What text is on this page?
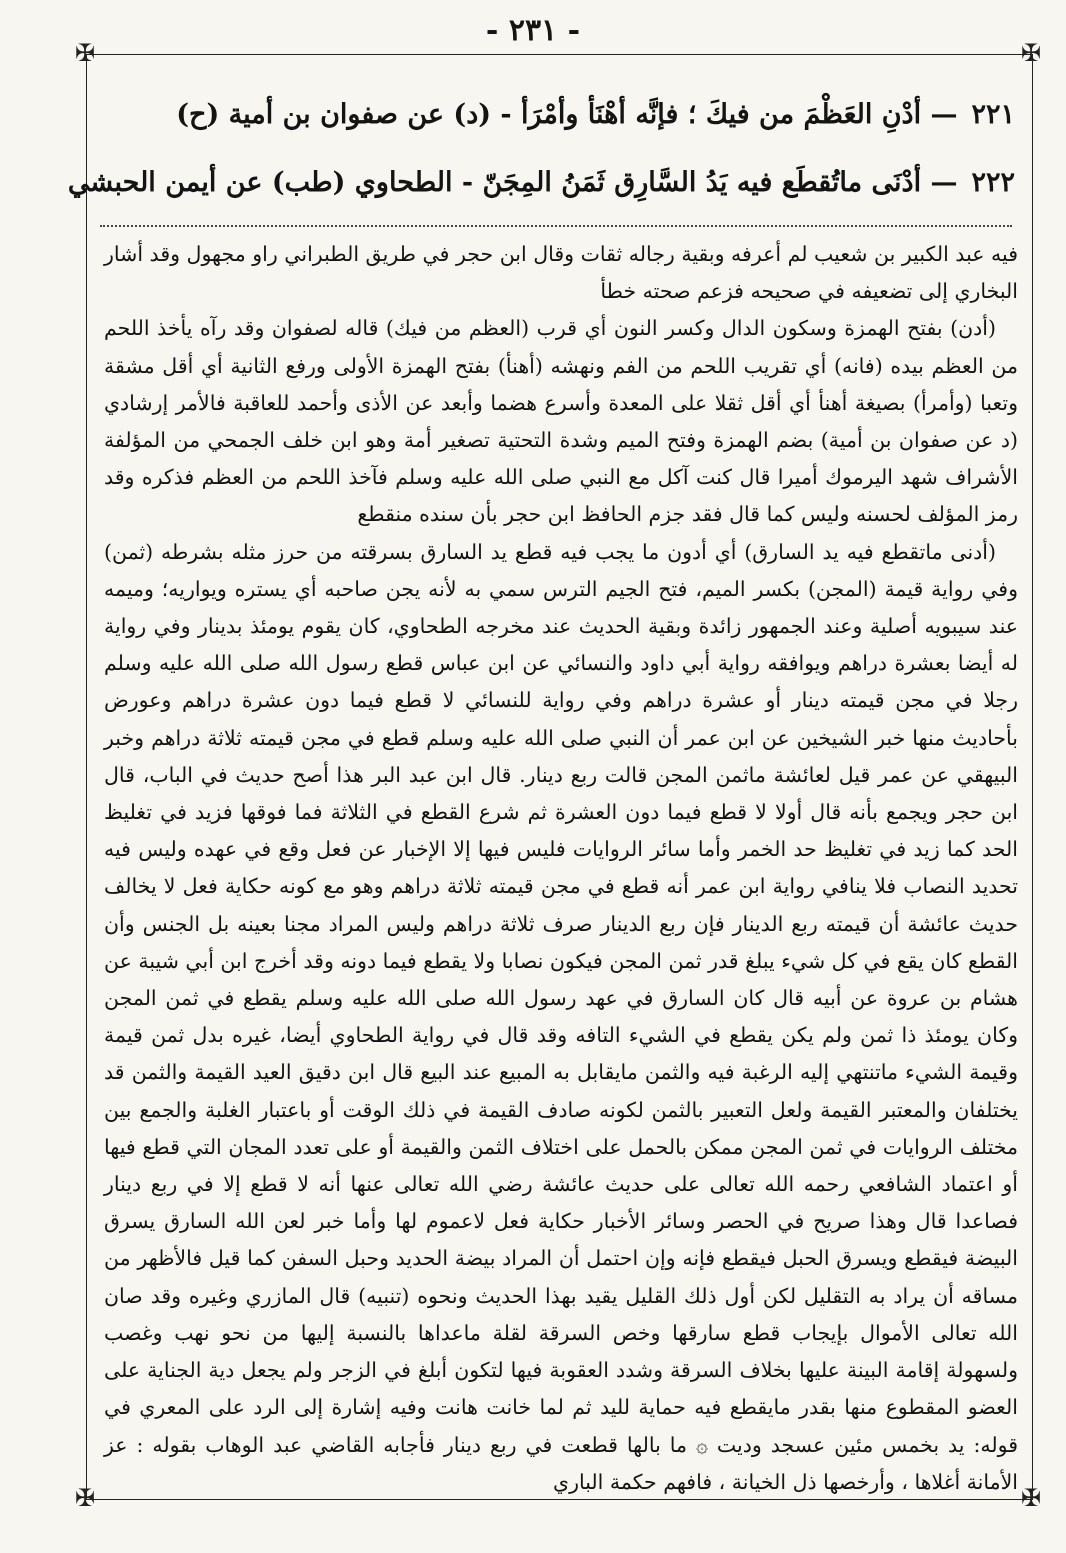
✠	✠
✠	✠
- ٢٣١ -
٢٢١— أدْنِ العَظْمَ من فيكَ ؛ فإنَّه أهْنَأ وأمْرَأ - (د) عن صفوان بن أمية (ح)
٢٢٢— أدْنَى ماتُقطَع فيه يَدُ السَّارِق ثَمَنُ المِجَنّ - الطحاوي (طب) عن أيمن الحبشي

فيه عبد الكبير بن شعيب لم أعرفه وبقية رجاله ثقات وقال ابن حجر في طريق الطبراني راو مجهول وقد أشار البخاري إلى تضعيفه في صحيحه فزعم صحته خطأ

(أدن) بفتح الهمزة وسكون الدال وكسر النون أي قرب (العظم من فيك) قاله لصفوان وقد رآه يأخذ اللحم من العظم بيده (فانه) أي تقريب اللحم من الفم ونهشه (أهنأ) بفتح الهمزة الأولى ورفع الثانية أي أقل مشقة وتعبا (وأمرأ) بصيغة أهنأ أي أقل ثقلا على المعدة وأسرع هضما وأبعد عن الأذى وأحمد للعاقبة فالأمر إرشادي (د عن صفوان بن أمية) بضم الهمزة وفتح الميم وشدة التحتية تصغير أمة وهو ابن خلف الجمحي من المؤلفة الأشراف شهد اليرموك أميرا قال كنت آكل مع النبي صلى الله عليه وسلم فآخذ اللحم من العظم فذكره وقد رمز المؤلف لحسنه وليس كما قال فقد جزم الحافظ ابن حجر بأن سنده منقطع

(أدنى ماتقطع فيه يد السارق) أي أدون ما يجب فيه قطع يد السارق بسرقته من حرز مثله بشرطه (ثمن) وفي رواية قيمة (المجن) بكسر الميم، فتح الجيم الترس سمي به لأنه يجن صاحبه أي يستره ويواريه؛ وميمه عند سيبويه أصلية وعند الجمهور زائدة وبقية الحديث عند مخرجه الطحاوي، كان يقوم يومئذ بدينار وفي رواية له أيضا بعشرة دراهم ويوافقه رواية أبي داود والنسائي عن ابن عباس قطع رسول الله صلى الله عليه وسلم رجلا في مجن قيمته دينار أو عشرة دراهم وفي رواية للنسائي لا قطع فيما دون عشرة دراهم وعورض بأحاديث منها خبر الشيخين عن ابن عمر أن النبي صلى الله عليه وسلم قطع في مجن قيمته ثلاثة دراهم وخبر البيهقي عن عمر قيل لعائشة ماثمن المجن قالت ربع دينار. قال ابن عبد البر هذا أصح حديث في الباب، قال ابن حجر ويجمع بأنه قال أولا لا قطع فيما دون العشرة ثم شرع القطع في الثلاثة فما فوقها فزيد في تغليظ الحد كما زيد في تغليظ حد الخمر وأما سائر الروايات فليس فيها إلا الإخبار عن فعل وقع في عهده وليس فيه تحديد النصاب فلا ينافي رواية ابن عمر أنه قطع في مجن قيمته ثلاثة دراهم وهو مع كونه حكاية فعل لا يخالف حديث عائشة أن قيمته ربع الدينار فإن ربع الدينار صرف ثلاثة دراهم وليس المراد مجنا بعينه بل الجنس وأن القطع كان يقع في كل شيء يبلغ قدر ثمن المجن فيكون نصابا ولا يقطع فيما دونه وقد أخرج ابن أبي شيبة عن هشام بن عروة عن أبيه قال كان السارق في عهد رسول الله صلى الله عليه وسلم يقطع في ثمن المجن وكان يومئذ ذا ثمن ولم يكن يقطع في الشيء التافه وقد قال في رواية الطحاوي أيضا، غيره بدل ثمن قيمة وقيمة الشيء ماتنتهي إليه الرغبة فيه والثمن مايقابل به المبيع عند البيع قال ابن دقيق العيد القيمة والثمن قد يختلفان والمعتبر القيمة ولعل التعبير بالثمن لكونه صادف القيمة في ذلك الوقت أو باعتبار الغلبة والجمع بين مختلف الروايات في ثمن المجن ممكن بالحمل على اختلاف الثمن والقيمة أو على تعدد المجان التي قطع فيها أو اعتماد الشافعي رحمه الله تعالى على حديث عائشة رضي الله تعالى عنها أنه لا قطع إلا في ربع دينار فصاعدا قال وهذا صريح في الحصر وسائر الأخبار حكاية فعل لاعموم لها وأما خبر لعن الله السارق يسرق البيضة فيقطع ويسرق الحبل فيقطع فإنه وإن احتمل أن المراد بيضة الحديد وحبل السفن كما قيل فالأظهر من مساقه أن يراد به التقليل لكن أول ذلك القليل يقيد بهذا الحديث ونحوه (تنبيه) قال المازري وغيره وقد صان الله تعالى الأموال بإيجاب قطع سارقها وخص السرقة لقلة ماعداها بالنسبة إليها من نحو نهب وغصب ولسهولة إقامة البينة عليها بخلاف السرقة وشدد العقوبة فيها لتكون أبلغ في الزجر ولم يجعل دية الجناية على العضو المقطوع منها بقدر مايقطع فيه حماية لليد ثم لما خانت هانت وفيه إشارة إلى الرد على المعري في قوله: يد بخمس مئين عسجد وديت ۞ ما بالها قطعت في ربع دينار فأجابه القاضي عبد الوهاب بقوله : عز الأمانة أغلاها ، وأرخصها ذل الخيانة ، فافهم حكمة الباري
